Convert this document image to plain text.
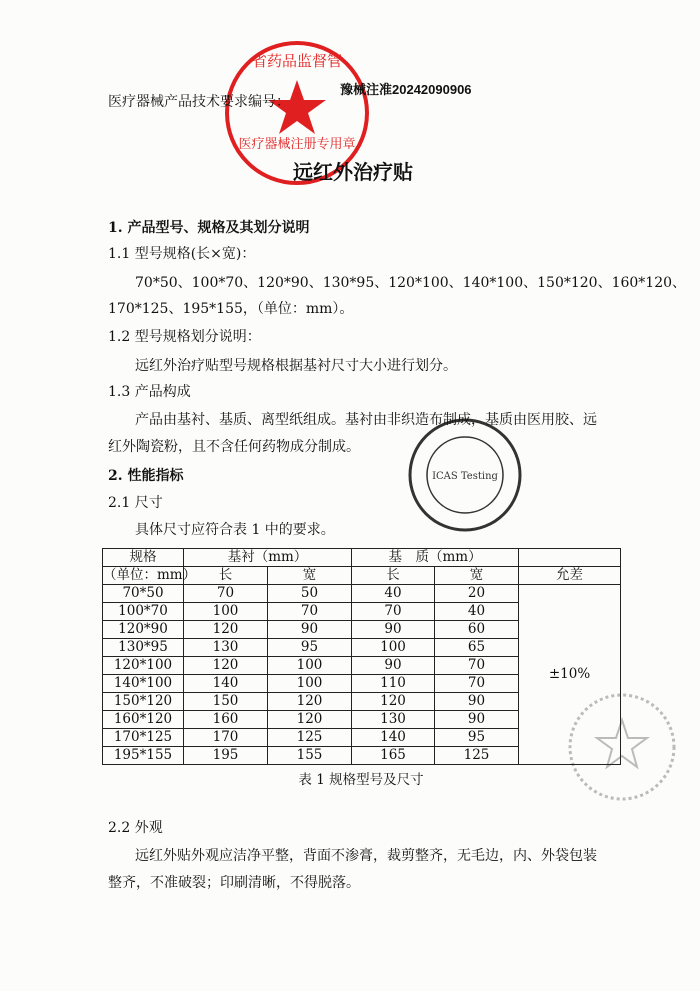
医疗器械注册专用章
省药品监督管
ICAS Testing
医疗器械产品技术要求编号：
豫械注准20242090906
远红外治疗贴
1. 产品型号、规格及其划分说明
1.1 型号规格(长×宽)：
70*50、100*70、120*90、130*95、120*100、140*100、150*120、160*120、
170*125、195*155，（单位：mm）。
1.2 型号规格划分说明：
远红外治疗贴型号规格根据基衬尺寸大小进行划分。
1.3 产品构成
产品由基衬、基质、离型纸组成。基衬由非织造布制成，基质由医用胶、远
红外陶瓷粉，且不含任何药物成分制成。
2. 性能指标
2.1 尺寸
具体尺寸应符合表 1 中的要求。
规格	基衬（mm）		基　质（mm）		
（单位：mm）	长	宽	长	宽	允差
70*50	70	50	40	20	±10%
100*70	100	70	70	40	
120*90	120	90	90	60	
130*95	130	95	100	65	
120*100	120	100	90	70	
140*100	140	100	110	70	
150*120	150	120	120	90	
160*120	160	120	130	90	
170*125	170	125	140	95	
195*155	195	155	165	125	
表 1 规格型号及尺寸
2.2 外观
远红外贴外观应洁净平整，背面不渗膏，裁剪整齐，无毛边，内、外袋包装
整齐，不准破裂；印刷清晰，不得脱落。
